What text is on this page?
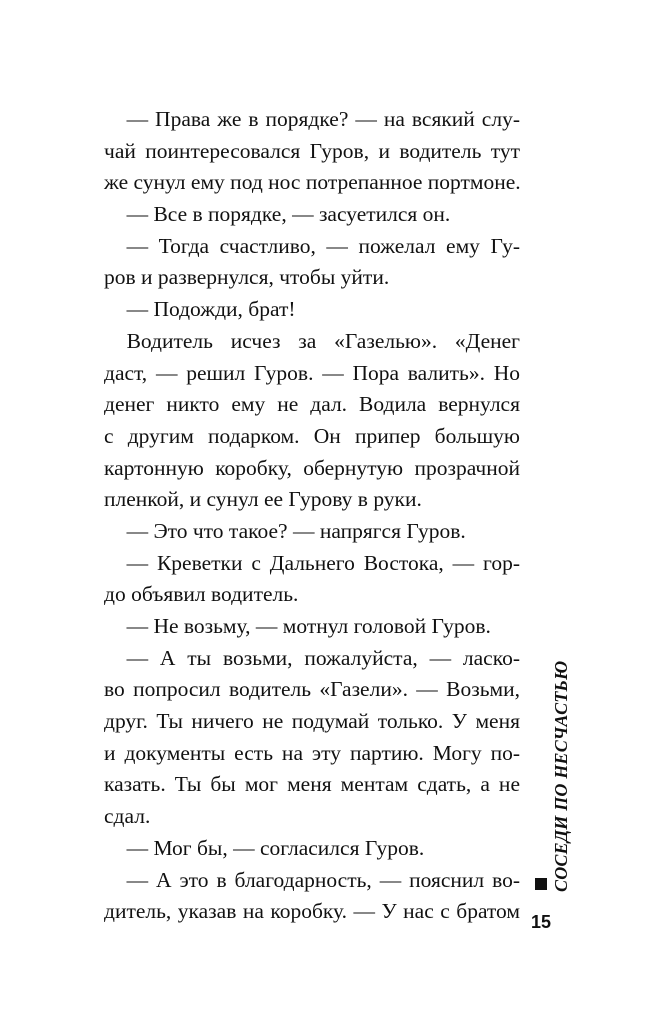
— Права же в порядке? — на всякий слу-
чай поинтересовался Гуров, и водитель тут
же сунул ему под нос потрепанное портмоне.
— Все в порядке, — засуетился он.
— Тогда счастливо, — пожелал ему Гу-
ров и развернулся, чтобы уйти.
— Подожди, брат!
Водитель исчез за «Газелью». «Денег
даст, — решил Гуров. — Пора валить». Но
денег никто ему не дал. Водила вернулся
с другим подарком. Он припер большую
картонную коробку, обернутую прозрачной
пленкой, и сунул ее Гурову в руки.
— Это что такое? — напрягся Гуров.
— Креветки с Дальнего Востока, — гор-
до объявил водитель.
— Не возьму, — мотнул головой Гуров.
— А ты возьми, пожалуйста, — ласко-
во попросил водитель «Газели». — Возьми,
друг. Ты ничего не подумай только. У меня
и документы есть на эту партию. Могу по-
казать. Ты бы мог меня ментам сдать, а не
сдал.
— Мог бы, — согласился Гуров.
— А это в благодарность, — пояснил во-
дитель, указав на коробку. — У нас с братом
СОСЕДИ ПО НЕСЧАСТЬЮ
15
